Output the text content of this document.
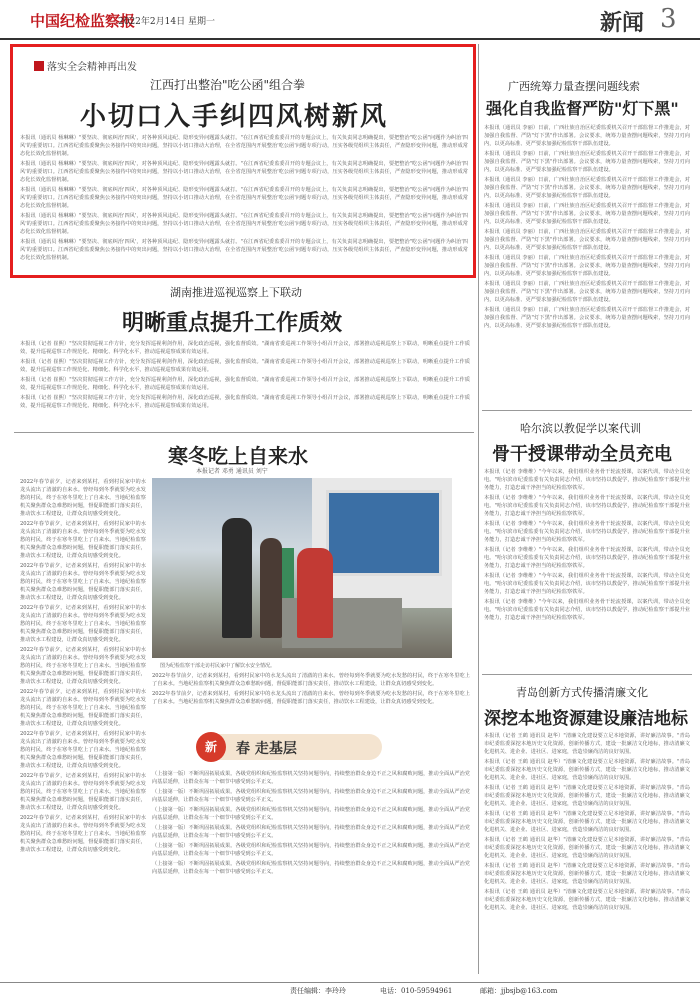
中国纪检监察报
2022年2月14日 星期一	新闻 3
落实全会精神再出发
江西打出整治"吃公函"组合拳
小切口入手纠四风树新风

本报讯（通讯员 杨琳琳）"要坚决、彻底纠治'四风'，对各种顶风违纪、隐形变异问题露头就打。"在江西省纪委监委召开的专题会议上，有关负责同志明确提出，要把整治"吃公函"问题作为纠治'四风'的重要切口。江西省纪委监委聚焦公务接待中的突出问题，坚持以小切口推动大治理，在全省范围内开展整治'吃公函'问题专项行动，压实各级党组织主体责任，严查隐形变异问题，推动形成常态化长效化监督机制。

本报讯（通讯员 杨琳琳）"要坚决、彻底纠治'四风'，对各种顶风违纪、隐形变异问题露头就打。"在江西省纪委监委召开的专题会议上，有关负责同志明确提出，要把整治"吃公函"问题作为纠治'四风'的重要切口。江西省纪委监委聚焦公务接待中的突出问题，坚持以小切口推动大治理，在全省范围内开展整治'吃公函'问题专项行动，压实各级党组织主体责任，严查隐形变异问题，推动形成常态化长效化监督机制。

本报讯（通讯员 杨琳琳）"要坚决、彻底纠治'四风'，对各种顶风违纪、隐形变异问题露头就打。"在江西省纪委监委召开的专题会议上，有关负责同志明确提出，要把整治"吃公函"问题作为纠治'四风'的重要切口。江西省纪委监委聚焦公务接待中的突出问题，坚持以小切口推动大治理，在全省范围内开展整治'吃公函'问题专项行动，压实各级党组织主体责任，严查隐形变异问题，推动形成常态化长效化监督机制。

本报讯（通讯员 杨琳琳）"要坚决、彻底纠治'四风'，对各种顶风违纪、隐形变异问题露头就打。"在江西省纪委监委召开的专题会议上，有关负责同志明确提出，要把整治"吃公函"问题作为纠治'四风'的重要切口。江西省纪委监委聚焦公务接待中的突出问题，坚持以小切口推动大治理，在全省范围内开展整治'吃公函'问题专项行动，压实各级党组织主体责任，严查隐形变异问题，推动形成常态化长效化监督机制。

本报讯（通讯员 杨琳琳）"要坚决、彻底纠治'四风'，对各种顶风违纪、隐形变异问题露头就打。"在江西省纪委监委召开的专题会议上，有关负责同志明确提出，要把整治"吃公函"问题作为纠治'四风'的重要切口。江西省纪委监委聚焦公务接待中的突出问题，坚持以小切口推动大治理，在全省范围内开展整治'吃公函'问题专项行动，压实各级党组织主体责任，严查隐形变异问题，推动形成常态化长效化监督机制。

广西统筹力量查摆问题线索
强化自我监督严防"灯下黑"

本报讯（通讯员 李丽）日前，广西壮族自治区纪委监委机关召开干部监督工作推进会，对加强自我监督、严防"灯下黑"作出部署。会议要求，统筹力量查摆问题线索，坚持刀刃向内，以更高标准、更严要求加强纪检监察干部队伍建设。

本报讯（通讯员 李丽）日前，广西壮族自治区纪委监委机关召开干部监督工作推进会，对加强自我监督、严防"灯下黑"作出部署。会议要求，统筹力量查摆问题线索，坚持刀刃向内，以更高标准、更严要求加强纪检监察干部队伍建设。

本报讯（通讯员 李丽）日前，广西壮族自治区纪委监委机关召开干部监督工作推进会，对加强自我监督、严防"灯下黑"作出部署。会议要求，统筹力量查摆问题线索，坚持刀刃向内，以更高标准、更严要求加强纪检监察干部队伍建设。

本报讯（通讯员 李丽）日前，广西壮族自治区纪委监委机关召开干部监督工作推进会，对加强自我监督、严防"灯下黑"作出部署。会议要求，统筹力量查摆问题线索，坚持刀刃向内，以更高标准、更严要求加强纪检监察干部队伍建设。

本报讯（通讯员 李丽）日前，广西壮族自治区纪委监委机关召开干部监督工作推进会，对加强自我监督、严防"灯下黑"作出部署。会议要求，统筹力量查摆问题线索，坚持刀刃向内，以更高标准、更严要求加强纪检监察干部队伍建设。

本报讯（通讯员 李丽）日前，广西壮族自治区纪委监委机关召开干部监督工作推进会，对加强自我监督、严防"灯下黑"作出部署。会议要求，统筹力量查摆问题线索，坚持刀刃向内，以更高标准、更严要求加强纪检监察干部队伍建设。

本报讯（通讯员 李丽）日前，广西壮族自治区纪委监委机关召开干部监督工作推进会，对加强自我监督、严防"灯下黑"作出部署。会议要求，统筹力量查摆问题线索，坚持刀刃向内，以更高标准、更严要求加强纪检监察干部队伍建设。

本报讯（通讯员 李丽）日前，广西壮族自治区纪委监委机关召开干部监督工作推进会，对加强自我监督、严防"灯下黑"作出部署。会议要求，统筹力量查摆问题线索，坚持刀刃向内，以更高标准、更严要求加强纪检监察干部队伍建设。

湖南推进巡视巡察上下联动
明晰重点提升工作质效

本报讯（记者 崔熙）"坚决贯彻巡视工作方针，充分发挥巡视利剑作用，深化政治巡视，强化监督质效。"湖南省委巡视工作领导小组召开会议，部署推动巡视巡察上下联动，明晰重点提升工作质效，提升巡视巡察工作规范化、精细化、科学化水平，推动巡视巡察成果有效运用。

本报讯（记者 崔熙）"坚决贯彻巡视工作方针，充分发挥巡视利剑作用，深化政治巡视，强化监督质效。"湖南省委巡视工作领导小组召开会议，部署推动巡视巡察上下联动，明晰重点提升工作质效，提升巡视巡察工作规范化、精细化、科学化水平，推动巡视巡察成果有效运用。

本报讯（记者 崔熙）"坚决贯彻巡视工作方针，充分发挥巡视利剑作用，深化政治巡视，强化监督质效。"湖南省委巡视工作领导小组召开会议，部署推动巡视巡察上下联动，明晰重点提升工作质效，提升巡视巡察工作规范化、精细化、科学化水平，推动巡视巡察成果有效运用。

本报讯（记者 崔熙）"坚决贯彻巡视工作方针，充分发挥巡视利剑作用，深化政治巡视，强化监督质效。"湖南省委巡视工作领导小组召开会议，部署推动巡视巡察上下联动，明晰重点提升工作质效，提升巡视巡察工作规范化、精细化、科学化水平，推动巡视巡察成果有效运用。

寒冬吃上自来水
本报记者 邓勇 通讯员 刘宁

2022年春节前夕，记者来到某村，看到村民家中的水龙头流出了清澈的自来水。曾经每到冬季就要为吃水发愁的村民，终于在寒冬里吃上了自来水。当地纪检监察机关聚焦群众急难愁盼问题，督促职能部门落实责任，推动饮水工程建设，让群众真切感受到变化。

2022年春节前夕，记者来到某村，看到村民家中的水龙头流出了清澈的自来水。曾经每到冬季就要为吃水发愁的村民，终于在寒冬里吃上了自来水。当地纪检监察机关聚焦群众急难愁盼问题，督促职能部门落实责任，推动饮水工程建设，让群众真切感受到变化。

2022年春节前夕，记者来到某村，看到村民家中的水龙头流出了清澈的自来水。曾经每到冬季就要为吃水发愁的村民，终于在寒冬里吃上了自来水。当地纪检监察机关聚焦群众急难愁盼问题，督促职能部门落实责任，推动饮水工程建设，让群众真切感受到变化。

2022年春节前夕，记者来到某村，看到村民家中的水龙头流出了清澈的自来水。曾经每到冬季就要为吃水发愁的村民，终于在寒冬里吃上了自来水。当地纪检监察机关聚焦群众急难愁盼问题，督促职能部门落实责任，推动饮水工程建设，让群众真切感受到变化。

2022年春节前夕，记者来到某村，看到村民家中的水龙头流出了清澈的自来水。曾经每到冬季就要为吃水发愁的村民，终于在寒冬里吃上了自来水。当地纪检监察机关聚焦群众急难愁盼问题，督促职能部门落实责任，推动饮水工程建设，让群众真切感受到变化。

2022年春节前夕，记者来到某村，看到村民家中的水龙头流出了清澈的自来水。曾经每到冬季就要为吃水发愁的村民，终于在寒冬里吃上了自来水。当地纪检监察机关聚焦群众急难愁盼问题，督促职能部门落实责任，推动饮水工程建设，让群众真切感受到变化。

2022年春节前夕，记者来到某村，看到村民家中的水龙头流出了清澈的自来水。曾经每到冬季就要为吃水发愁的村民，终于在寒冬里吃上了自来水。当地纪检监察机关聚焦群众急难愁盼问题，督促职能部门落实责任，推动饮水工程建设，让群众真切感受到变化。

2022年春节前夕，记者来到某村，看到村民家中的水龙头流出了清澈的自来水。曾经每到冬季就要为吃水发愁的村民，终于在寒冬里吃上了自来水。当地纪检监察机关聚焦群众急难愁盼问题，督促职能部门落实责任，推动饮水工程建设，让群众真切感受到变化。

2022年春节前夕，记者来到某村，看到村民家中的水龙头流出了清澈的自来水。曾经每到冬季就要为吃水发愁的村民，终于在寒冬里吃上了自来水。当地纪检监察机关聚焦群众急难愁盼问题，督促职能部门落实责任，推动饮水工程建设，让群众真切感受到变化。

图为纪检监察干部走访村民家中了解饮水安全情况。

2022年春节前夕，记者来到某村，看到村民家中的水龙头流出了清澈的自来水。曾经每到冬季就要为吃水发愁的村民，终于在寒冬里吃上了自来水。当地纪检监察机关聚焦群众急难愁盼问题，督促职能部门落实责任，推动饮水工程建设，让群众真切感受到变化。

2022年春节前夕，记者来到某村，看到村民家中的水龙头流出了清澈的自来水。曾经每到冬季就要为吃水发愁的村民，终于在寒冬里吃上了自来水。当地纪检监察机关聚焦群众急难愁盼问题，督促职能部门落实责任，推动饮水工程建设，让群众真切感受到变化。

新	春 走基层

（上接第一版）不断巩固拓展成果。各级党组织和纪检监察机关坚持问题导向，持续整治群众身边不正之风和腐败问题，推动全面从严治党向基层延伸，让群众在每一个细节中感受到公平正义。

（上接第一版）不断巩固拓展成果。各级党组织和纪检监察机关坚持问题导向，持续整治群众身边不正之风和腐败问题，推动全面从严治党向基层延伸，让群众在每一个细节中感受到公平正义。

（上接第一版）不断巩固拓展成果。各级党组织和纪检监察机关坚持问题导向，持续整治群众身边不正之风和腐败问题，推动全面从严治党向基层延伸，让群众在每一个细节中感受到公平正义。

（上接第一版）不断巩固拓展成果。各级党组织和纪检监察机关坚持问题导向，持续整治群众身边不正之风和腐败问题，推动全面从严治党向基层延伸，让群众在每一个细节中感受到公平正义。

（上接第一版）不断巩固拓展成果。各级党组织和纪检监察机关坚持问题导向，持续整治群众身边不正之风和腐败问题，推动全面从严治党向基层延伸，让群众在每一个细节中感受到公平正义。

（上接第一版）不断巩固拓展成果。各级党组织和纪检监察机关坚持问题导向，持续整治群众身边不正之风和腐败问题，推动全面从严治党向基层延伸，让群众在每一个细节中感受到公平正义。

哈尔滨以教促学以案代训
骨干授课带动全员充电

本报讯（记者 李维维）"今年以来，我们组织业务骨干轮流授课，以案代训，带动全员充电。"哈尔滨市纪委监委有关负责同志介绍，该市坚持以教促学，推动纪检监察干部提升业务能力，打造忠诚干净担当的纪检监察铁军。

本报讯（记者 李维维）"今年以来，我们组织业务骨干轮流授课，以案代训，带动全员充电。"哈尔滨市纪委监委有关负责同志介绍，该市坚持以教促学，推动纪检监察干部提升业务能力，打造忠诚干净担当的纪检监察铁军。

本报讯（记者 李维维）"今年以来，我们组织业务骨干轮流授课，以案代训，带动全员充电。"哈尔滨市纪委监委有关负责同志介绍，该市坚持以教促学，推动纪检监察干部提升业务能力，打造忠诚干净担当的纪检监察铁军。

本报讯（记者 李维维）"今年以来，我们组织业务骨干轮流授课，以案代训，带动全员充电。"哈尔滨市纪委监委有关负责同志介绍，该市坚持以教促学，推动纪检监察干部提升业务能力，打造忠诚干净担当的纪检监察铁军。

本报讯（记者 李维维）"今年以来，我们组织业务骨干轮流授课，以案代训，带动全员充电。"哈尔滨市纪委监委有关负责同志介绍，该市坚持以教促学，推动纪检监察干部提升业务能力，打造忠诚干净担当的纪检监察铁军。

本报讯（记者 李维维）"今年以来，我们组织业务骨干轮流授课，以案代训，带动全员充电。"哈尔滨市纪委监委有关负责同志介绍，该市坚持以教促学，推动纪检监察干部提升业务能力，打造忠诚干净担当的纪检监察铁军。

青岛创新方式传播清廉文化
深挖本地资源建设廉洁地标

本报讯（记者 王鹤 通讯员 赵华）"清廉文化建设要立足本地资源，讲好廉洁故事。"青岛市纪委监委深挖本地历史文化资源，创新传播方式，建设一批廉洁文化地标，推动清廉文化进机关、进企业、进社区、进家庭，营造崇廉尚洁的良好氛围。

本报讯（记者 王鹤 通讯员 赵华）"清廉文化建设要立足本地资源，讲好廉洁故事。"青岛市纪委监委深挖本地历史文化资源，创新传播方式，建设一批廉洁文化地标，推动清廉文化进机关、进企业、进社区、进家庭，营造崇廉尚洁的良好氛围。

本报讯（记者 王鹤 通讯员 赵华）"清廉文化建设要立足本地资源，讲好廉洁故事。"青岛市纪委监委深挖本地历史文化资源，创新传播方式，建设一批廉洁文化地标，推动清廉文化进机关、进企业、进社区、进家庭，营造崇廉尚洁的良好氛围。

本报讯（记者 王鹤 通讯员 赵华）"清廉文化建设要立足本地资源，讲好廉洁故事。"青岛市纪委监委深挖本地历史文化资源，创新传播方式，建设一批廉洁文化地标，推动清廉文化进机关、进企业、进社区、进家庭，营造崇廉尚洁的良好氛围。

本报讯（记者 王鹤 通讯员 赵华）"清廉文化建设要立足本地资源，讲好廉洁故事。"青岛市纪委监委深挖本地历史文化资源，创新传播方式，建设一批廉洁文化地标，推动清廉文化进机关、进企业、进社区、进家庭，营造崇廉尚洁的良好氛围。

本报讯（记者 王鹤 通讯员 赵华）"清廉文化建设要立足本地资源，讲好廉洁故事。"青岛市纪委监委深挖本地历史文化资源，创新传播方式，建设一批廉洁文化地标，推动清廉文化进机关、进企业、进社区、进家庭，营造崇廉尚洁的良好氛围。

本报讯（记者 王鹤 通讯员 赵华）"清廉文化建设要立足本地资源，讲好廉洁故事。"青岛市纪委监委深挖本地历史文化资源，创新传播方式，建设一批廉洁文化地标，推动清廉文化进机关、进企业、进社区、进家庭，营造崇廉尚洁的良好氛围。

责任编辑：李玲玲	电话：010-59594961	邮箱：jjbsjb@163.com
